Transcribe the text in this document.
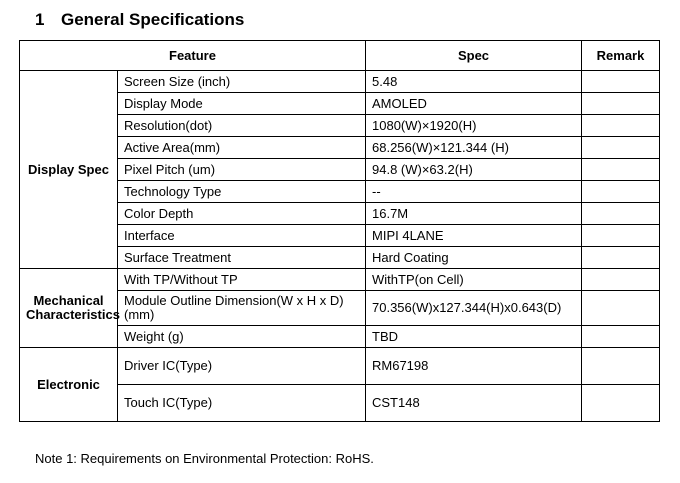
1 General Specifications
Feature		Spec	Remark
Display Spec	Screen Size (inch)	5.48	
	Display Mode	AMOLED	
	Resolution(dot)	1080(W)×1920(H)	
	Active Area(mm)	68.256(W)×121.344 (H)	
	Pixel Pitch (um)	94.8 (W)×63.2(H)	
	Technology Type	--	
	Color Depth	16.7M	
	Interface	MIPI 4LANE	
	Surface Treatment	Hard Coating	
Mechanical Characteristics	With TP/Without TP	WithTP(on Cell)	
	Module Outline Dimension(W x H x D) (mm)	70.356(W)x127.344(H)x0.643(D)	
	Weight (g)	TBD	
Electronic	Driver IC(Type)	RM67198	
	Touch IC(Type)	CST148	
Note 1: Requirements on Environmental Protection: RoHS.
